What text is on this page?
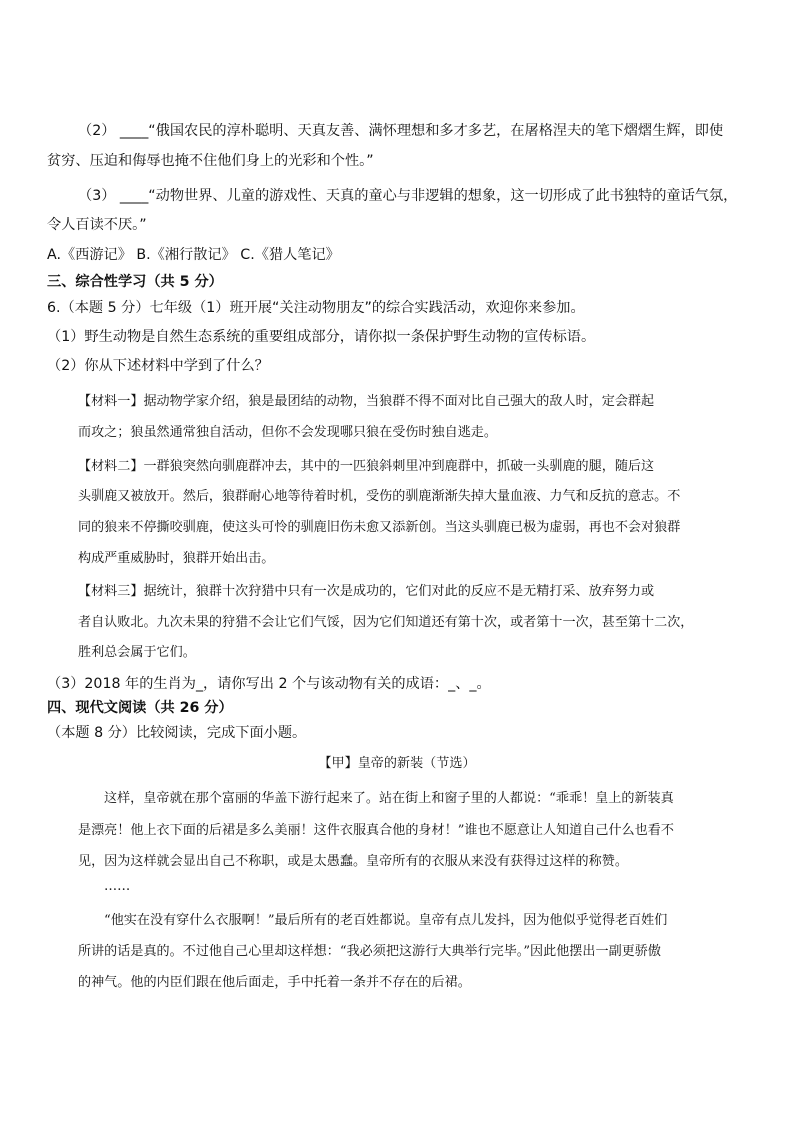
（2） ____“俄国农民的淳朴聪明、天真友善、满怀理想和多才多艺，在屠格涅夫的笔下熠熠生辉，即使
贫穷、压迫和侮辱也掩不住他们身上的光彩和个性。”
（3） ____“动物世界、儿童的游戏性、天真的童心与非逻辑的想象，这一切形成了此书独特的童话气氛，
令人百读不厌。”
A.《西游记》 B.《湘行散记》 C.《猎人笔记》
三、综合性学习（共 5 分）
6.（本题 5 分）七年级（1）班开展“关注动物朋友”的综合实践活动，欢迎你来参加。
（1）野生动物是自然生态系统的重要组成部分，请你拟一条保护野生动物的宣传标语。
（2）你从下述材料中学到了什么？
【材料一】据动物学家介绍，狼是最团结的动物，当狼群不得不面对比自己强大的敌人时，定会群起
而攻之；狼虽然通常独自活动，但你不会发现哪只狼在受伤时独自逃走。
【材料二】一群狼突然向驯鹿群冲去，其中的一匹狼斜刺里冲到鹿群中，抓破一头驯鹿的腿，随后这
头驯鹿又被放开。然后，狼群耐心地等待着时机，受伤的驯鹿渐渐失掉大量血液、力气和反抗的意志。不
同的狼来不停撕咬驯鹿，使这头可怜的驯鹿旧伤未愈又添新创。当这头驯鹿已极为虚弱，再也不会对狼群
构成严重威胁时，狼群开始出击。
【材料三】据统计，狼群十次狩猎中只有一次是成功的，它们对此的反应不是无精打采、放弃努力或
者自认败北。九次未果的狩猎不会让它们气馁，因为它们知道还有第十次，或者第十一次，甚至第十二次，
胜利总会属于它们。
（3）2018 年的生肖为_，请你写出 2 个与该动物有关的成语：_、_。
四、现代文阅读（共 26 分）
（本题 8 分）比较阅读，完成下面小题。
【甲】皇帝的新装（节选）
这样，皇帝就在那个富丽的华盖下游行起来了。站在街上和窗子里的人都说：“乖乖！皇上的新装真
是漂亮！他上衣下面的后裙是多么美丽！这件衣服真合他的身材！”谁也不愿意让人知道自己什么也看不
见，因为这样就会显出自己不称职，或是太愚蠢。皇帝所有的衣服从来没有获得过这样的称赞。
……
“他实在没有穿什么衣服啊！”最后所有的老百姓都说。皇帝有点儿发抖，因为他似乎觉得老百姓们
所讲的话是真的。不过他自己心里却这样想：“我必须把这游行大典举行完毕。”因此他摆出一副更骄傲
的神气。他的内臣们跟在他后面走，手中托着一条并不存在的后裙。
